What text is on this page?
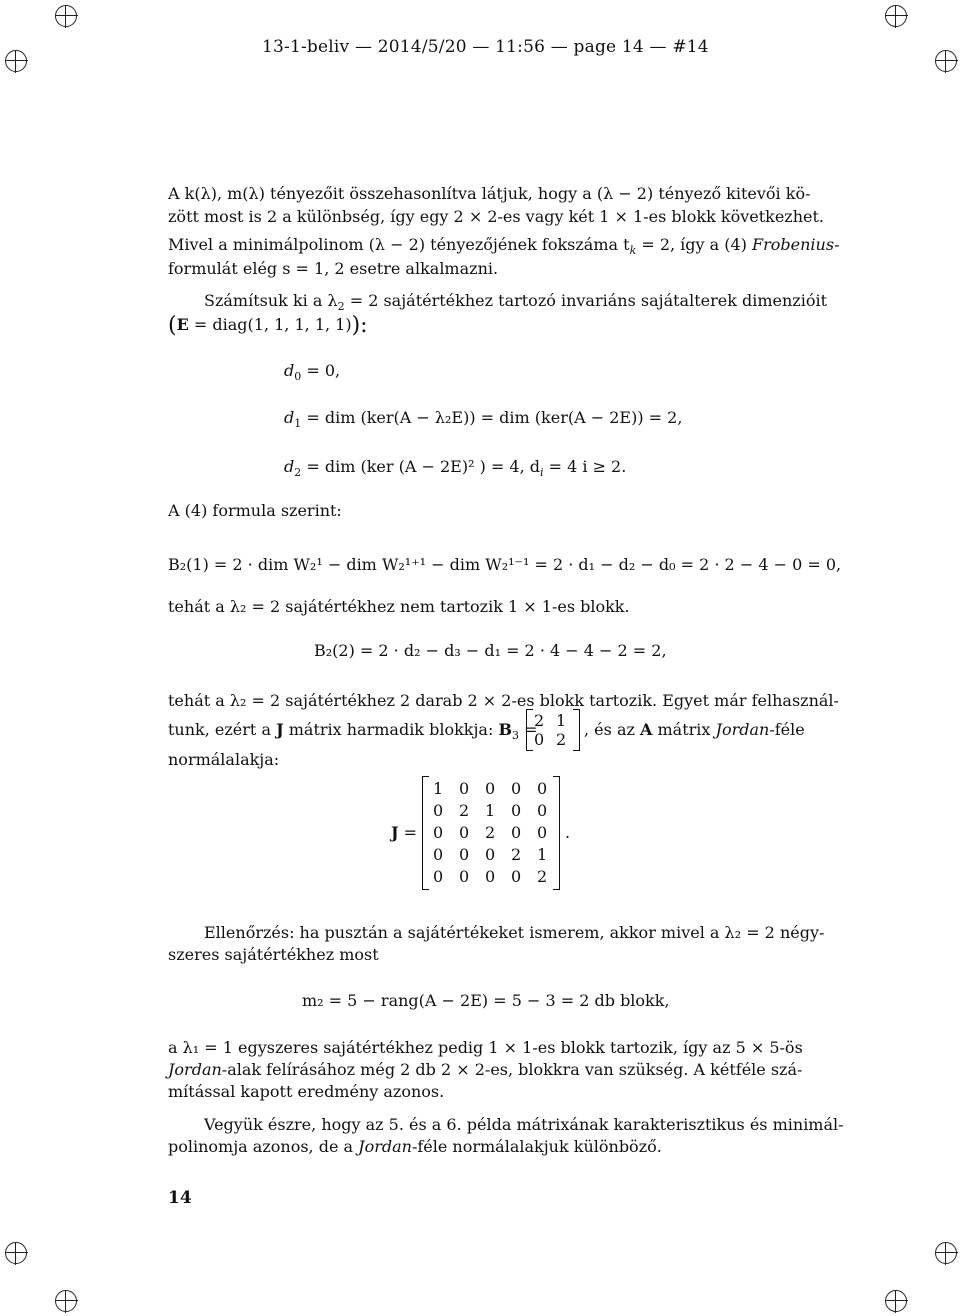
13-1-beliv — 2014/5/20 — 11:56 — page 14 — #14
A k(λ), m(λ) tényezőit összehasonlítva látjuk, hogy a (λ − 2) tényező kitevői kö-
zött most is 2 a különbség, így egy 2 × 2-es vagy két 1 × 1-es blokk következhet.
Mivel a minimálpolinom (λ − 2) tényezőjének fokszáma $t_k = 2$, így a (4) Frobenius-
formulát elég s = 1, 2 esetre alkalmazni.
Számítsuk ki a $\lambda_2 = 2$ sajátértékhez tartozó invariáns sajátalterek dimenzióit
(E = diag(1, 1, 1, 1, 1)):
$d_0 = 0$,
$d_1$ = dim (ker(A − λ₂E)) = dim (ker(A − 2E)) = 2,
$d_2$ = dim (ker (A − 2E)² ) = 4, $d_i = 4$ i ≥ 2.
A (4) formula szerint:
B₂(1) = 2 · dim W₂¹ − dim W₂¹⁺¹ − dim W₂¹⁻¹ = 2 · d₁ − d₂ − d₀ = 2 · 2 − 4 − 0 = 0,
tehát a λ₂ = 2 sajátértékhez nem tartozik 1 × 1-es blokk.
B₂(2) = 2 · d₂ − d₃ − d₁ = 2 · 4 − 4 − 2 = 2,
tehát a λ₂ = 2 sajátértékhez 2 darab 2 × 2-es blokk tartozik. Egyet már felhasznál-
tunk, ezért a J mátrix harmadik blokkja: $B_3$ =
2 1
0 2
, és az A mátrix Jordan-féle
normálalakja:
J =
1 0 0 0 0
0 2 1 0 0
0 0 2 0 0
0 0 0 2 1
0 0 0 0 2
.
Ellenőrzés: ha pusztán a sajátértékeket ismerem, akkor mivel a λ₂ = 2 négy-
szeres sajátértékhez most
m₂ = 5 − rang(A − 2E) = 5 − 3 = 2 db blokk,
a λ₁ = 1 egyszeres sajátértékhez pedig 1 × 1-es blokk tartozik, így az 5 × 5-ös
Jordan-alak felírásához még 2 db 2 × 2-es, blokkra van szükség. A kétféle szá-
mítással kapott eredmény azonos.
Vegyük észre, hogy az 5. és a 6. példa mátrixának karakterisztikus és minimál-
polinomja azonos, de a Jordan-féle normálalakjuk különböző.
14
